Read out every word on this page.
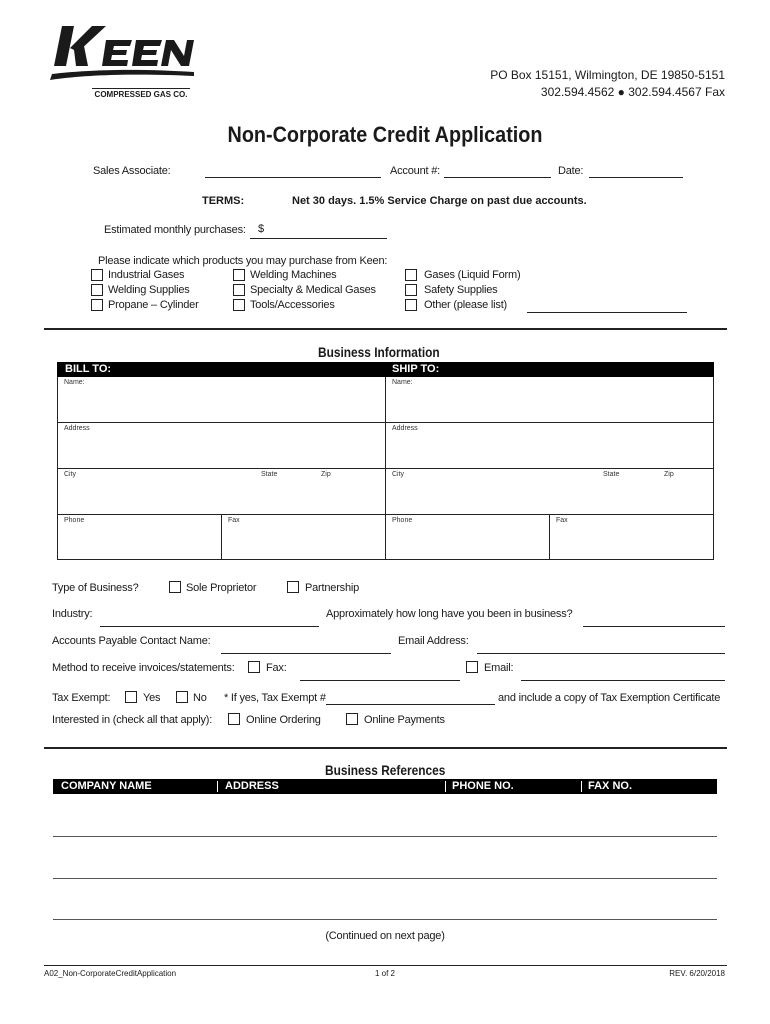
COMPRESSED GAS CO.
PO Box 15151, Wilmington, DE 19850-5151
302.594.4562 ● 302.594.4567 Fax
Non-Corporate Credit Application
Sales Associate:	Account #:	Date:
TERMS:	Net 30 days. 1.5% Service Charge on past due accounts.
Estimated monthly purchases: $
Please indicate which products you may purchase from Keen:
Industrial Gases
Welding Supplies
Propane – Cylinder
Welding Machines
Specialty & Medical Gases
Tools/Accessories
Gases (Liquid Form)
Safety Supplies
Other (please list)
Business Information
BILL TO:	SHIP TO:
Name:
Address
City	State	Zip
Phone	Fax
Name:
Address
City	State	Zip
Phone	Fax
Type of Business?	Sole Proprietor	Partnership
Industry:	Approximately how long have you been in business?
Accounts Payable Contact Name:	Email Address:
Method to receive invoices/statements:	Fax:	Email:
Tax Exempt:	Yes	No * If yes, Tax Exempt #	and include a copy of Tax Exemption Certificate
Interested in (check all that apply):	Online Ordering	Online Payments
Business References
COMPANY NAME	ADDRESS	PHONE NO.	FAX NO.
(Continued on next page)
A02_Non-CorporateCreditApplication	1 of 2	REV. 6/20/2018
